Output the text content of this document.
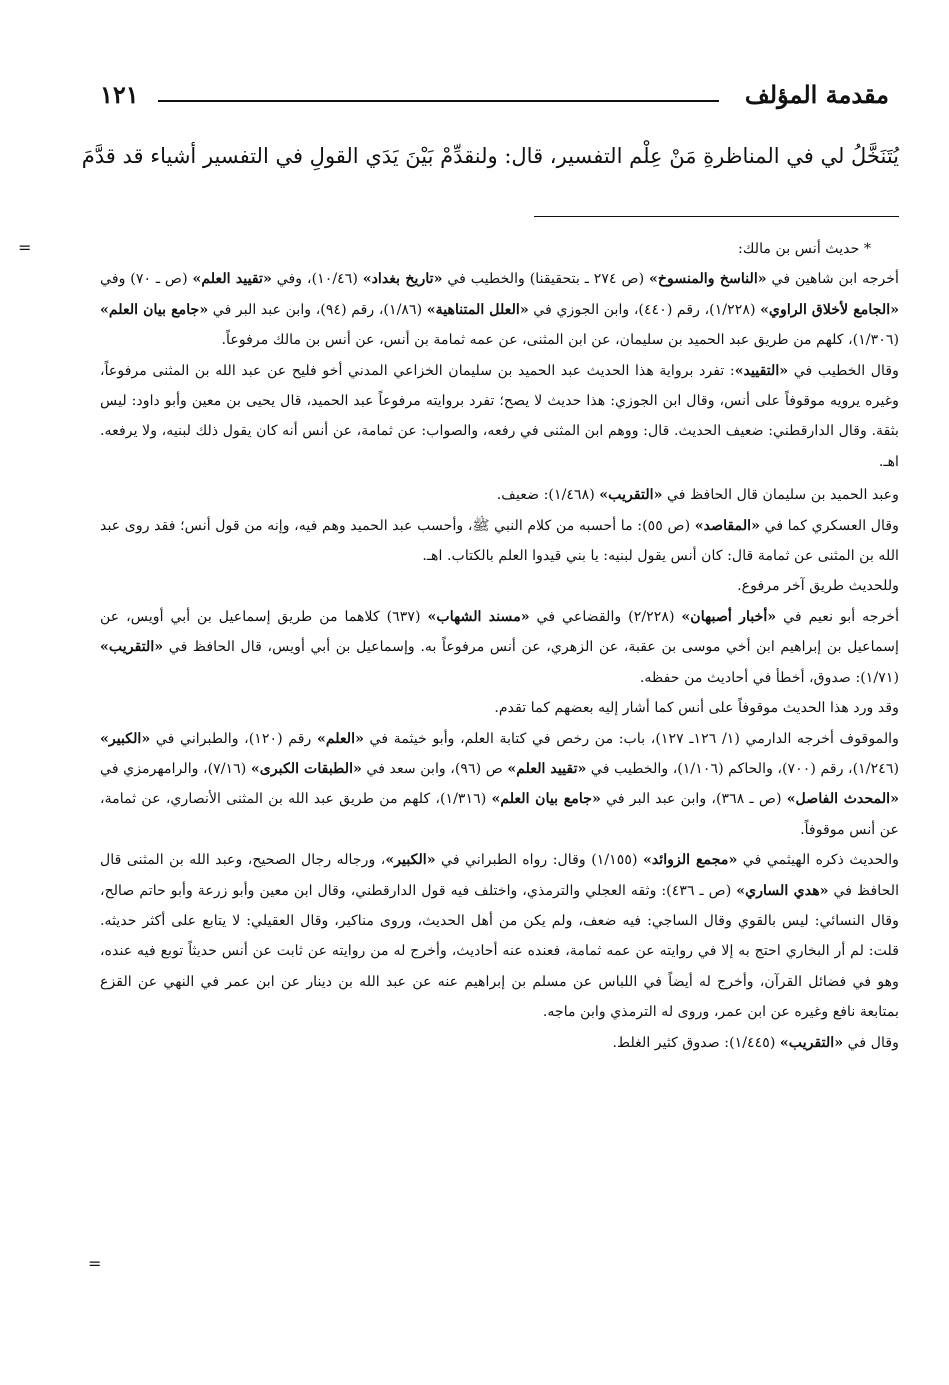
مقدمة المؤلف
١٢١
يُتَنَخَّلُ لي في المناظرةِ مَنْ عِلْم التفسير، قال: ولنقدِّمْ بَيْنَ يَدَي القولِ في التفسير أشياء قد قدَّمَ
=
=

* حديث أنس بن مالك:

أخرجه ابن شاهين في «الناسخ والمنسوخ» (ص ٢٧٤ ـ بتحقيقنا) والخطيب في «تاريخ بغداد» (١٠/٤٦)، وفي «تقييد العلم» (ص ـ ٧٠) وفي «الجامع لأخلاق الراوي» (١/٢٢٨)، رقم (٤٤٠)، وابن الجوزي في «العلل المتناهية» (١/٨٦)، رقم (٩٤)، وابن عبد البر في «جامع بيان العلم» (١/٣٠٦)، كلهم من طريق عبد الحميد بن سليمان، عن ابن المثنى، عن عمه ثمامة بن أنس، عن أنس بن مالك مرفوعاً.

وقال الخطيب في «التقييد»: تفرد برواية هذا الحديث عبد الحميد بن سليمان الخزاعي المدني أخو فليح عن عبد الله بن المثنى مرفوعاً، وغيره يرويه موقوفاً على أنس، وقال ابن الجوزي: هذا حديث لا يصح؛ تفرد بروايته مرفوعاً عبد الحميد، قال يحيى بن معين وأبو داود: ليس بثقة. وقال الدارقطني: ضعيف الحديث. قال: ووهم ابن المثنى في رفعه، والصواب: عن ثمامة، عن أنس أنه كان يقول ذلك لبنيه، ولا يرفعه. اهـ.

وعبد الحميد بن سليمان قال الحافظ في «التقريب» (١/٤٦٨): ضعيف.

وقال العسكري كما في «المقاصد» (ص ٥٥): ما أحسبه من كلام النبي ﷺ، وأحسب عبد الحميد وهم فيه، وإنه من قول أنس؛ فقد روى عبد الله بن المثنى عن ثمامة قال: كان أنس يقول لبنيه: يا بني قيدوا العلم بالكتاب. اهـ.

وللحديث طريق آخر مرفوع.

أخرجه أبو نعيم في «أخبار أصبهان» (٢/٢٢٨) والقضاعي في «مسند الشهاب» (٦٣٧) كلاهما من طريق إسماعيل بن أبي أويس، عن إسماعيل بن إبراهيم ابن أخي موسى بن عقبة، عن الزهري، عن أنس مرفوعاً به. وإسماعيل بن أبي أويس، قال الحافظ في «التقريب» (١/٧١): صدوق، أخطأ في أحاديث من حفظه.

وقد ورد هذا الحديث موقوفاً على أنس كما أشار إليه بعضهم كما تقدم.

والموقوف أخرجه الدارمي (١/ ١٢٦ـ ١٢٧)، باب: من رخص في كتابة العلم، وأبو خيثمة في «العلم» رقم (١٢٠)، والطبراني في «الكبير» (١/٢٤٦)، رقم (٧٠٠)، والحاكم (١/١٠٦)، والخطيب في «تقييد العلم» ص (٩٦)، وابن سعد في «الطبقات الكبرى» (٧/١٦)، والرامهرمزي في «المحدث الفاصل» (ص ـ ٣٦٨)، وابن عبد البر في «جامع بيان العلم» (١/٣١٦)، كلهم من طريق عبد الله بن المثنى الأنصاري، عن ثمامة، عن أنس موقوفاً.

والحديث ذكره الهيثمي في «مجمع الزوائد» (١/١٥٥) وقال: رواه الطبراني في «الكبير»، ورجاله رجال الصحيح، وعبد الله بن المثنى قال الحافظ في «هدي الساري» (ص ـ ٤٣٦): وثقه العجلي والترمذي، واختلف فيه قول الدارقطني، وقال ابن معين وأبو زرعة وأبو حاتم صالح، وقال النسائي: ليس بالقوي وقال الساجي: فيه ضعف، ولم يكن من أهل الحديث، وروى مناكير، وقال العقيلي: لا يتابع على أكثر حديثه. قلت: لم أر البخاري احتج به إلا في روايته عن عمه ثمامة، فعنده عنه أحاديث، وأخرج له من روايته عن ثابت عن أنس حديثاً توبع فيه عنده، وهو في فضائل القرآن، وأخرج له أيضاً في اللباس عن مسلم بن إبراهيم عنه عن عبد الله بن دينار عن ابن عمر في النهي عن القزع بمتابعة نافع وغيره عن ابن عمر، وروى له الترمذي وابن ماجه.

وقال في «التقريب» (١/٤٤٥): صدوق كثير الغلط.
